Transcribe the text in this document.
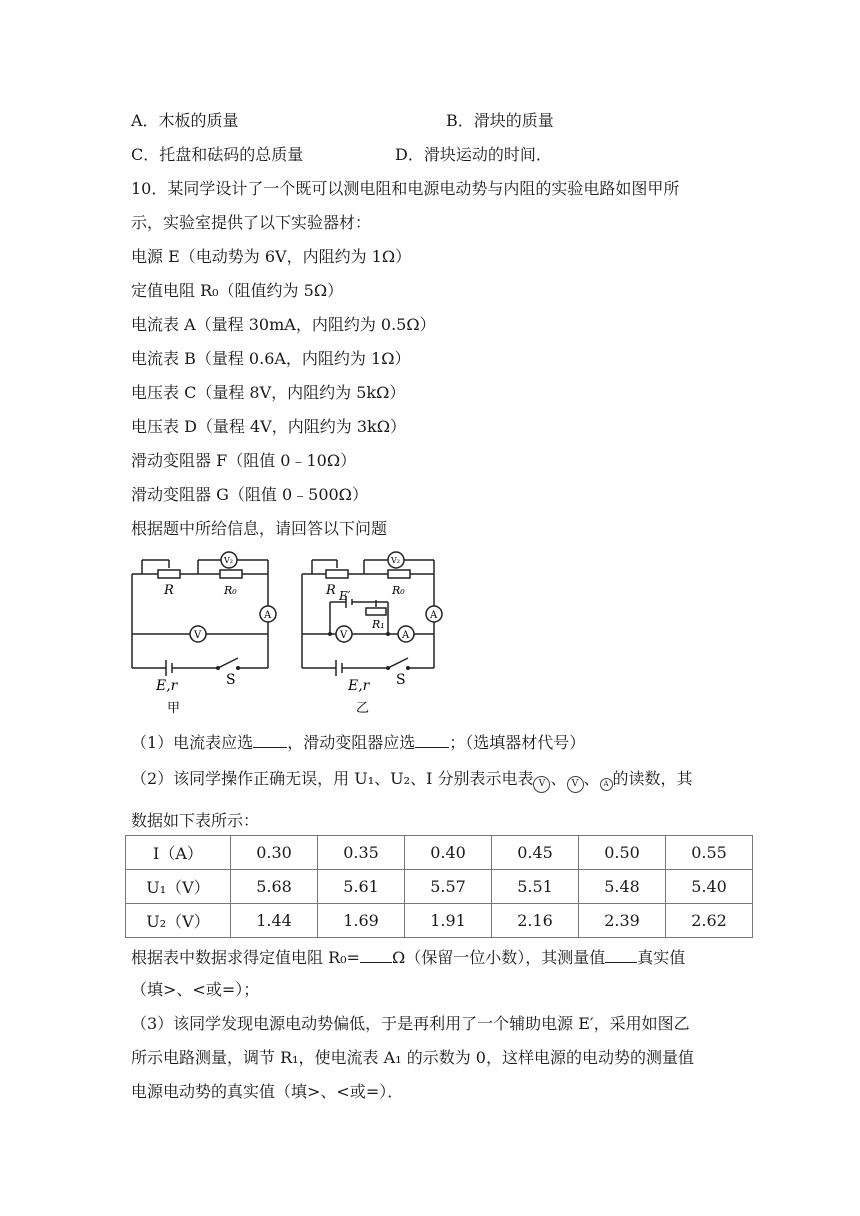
A．木板的质量	B．滑块的质量
C．托盘和砝码的总质量	D．滑块运动的时间．
10．某同学设计了一个既可以测电阻和电源电动势与内阻的实验电路如图甲所
示，实验室提供了以下实验器材：
电源 E（电动势为 6V，内阻约为 1Ω）
定值电阻 R₀（阻值约为 5Ω）
电流表 A（量程 30mA，内阻约为 0.5Ω）
电流表 B（量程 0.6A，内阻约为 1Ω）
电压表 C（量程 8V，内阻约为 5kΩ）
电压表 D（量程 4V，内阻约为 3kΩ）
滑动变阻器 F（阻值 0﹣10Ω）
滑动变阻器 G（阻值 0﹣500Ω）
根据题中所给信息，请回答以下问题
R	R₀
V₂
A
V
E,r	S
甲
R E′
R₁
R₀
V₂
A
V	A
E,r S
乙
（1）电流表应选 ，滑动变阻器应选 ；（选填器材代号）
（2）该同学操作正确无误，用 U₁、U₂、I 分别表示电表 V 、 V 、 A 的读数，其
数据如下表所示：
I（A）	0.30	0.35	0.40	0.45	0.50	0.55
U₁（V）	5.68	5.61	5.57	5.51	5.48	5.40
U₂（V）	1.44	1.69	1.91	2.16	2.39	2.62
根据表中数据求得定值电阻 R₀= Ω（保留一位小数），其测量值 真实值
（填>、<或=）；
（3）该同学发现电源电动势偏低，于是再利用了一个辅助电源 E′，采用如图乙
所示电路测量，调节 R₁，使电流表 A₁ 的示数为 0，这样电源的电动势的测量值
电源电动势的真实值（填>、<或=）．
